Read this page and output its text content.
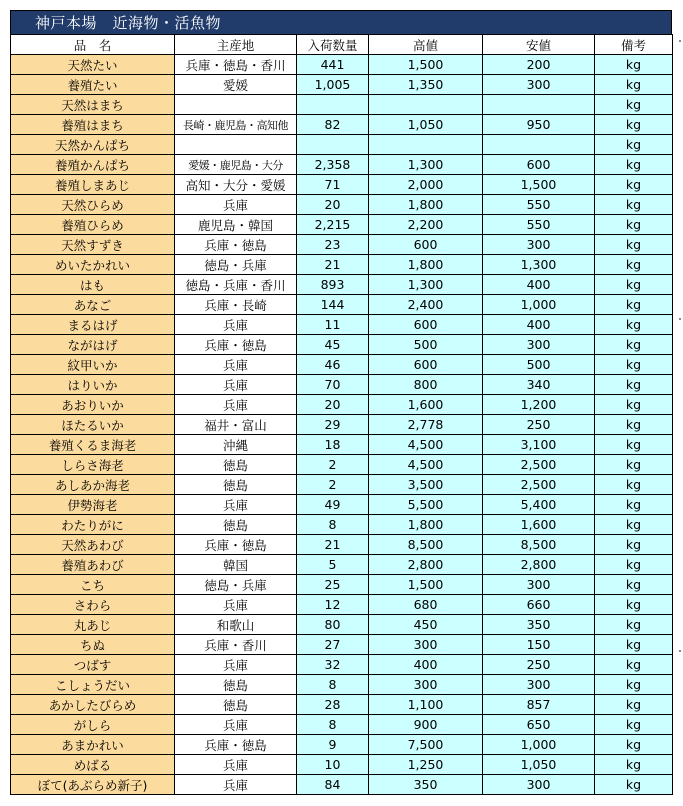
神戸本場　近海物・活魚物
品　名	主産地	入荷数量	高値	安値	備考
天然たい	兵庫・徳島・香川	441	1,500	200	kg
養殖たい	愛媛	1,005	1,350	300	kg
天然はまち					kg
養殖はまち	長崎・鹿児島・高知他	82	1,050	950	kg
天然かんぱち					kg
養殖かんぱち	愛媛・鹿児島・大分	2,358	1,300	600	kg
養殖しまあじ	高知・大分・愛媛	71	2,000	1,500	kg
天然ひらめ	兵庫	20	1,800	550	kg
養殖ひらめ	鹿児島・韓国	2,215	2,200	550	kg
天然すずき	兵庫・徳島	23	600	300	kg
めいたかれい	徳島・兵庫	21	1,800	1,300	kg
はも	徳島・兵庫・香川	893	1,300	400	kg
あなご	兵庫・長崎	144	2,400	1,000	kg
まるはげ	兵庫	11	600	400	kg
ながはげ	兵庫・徳島	45	500	300	kg
紋甲いか	兵庫	46	600	500	kg
はりいか	兵庫	70	800	340	kg
あおりいか	兵庫	20	1,600	1,200	kg
ほたるいか	福井・富山	29	2,778	250	kg
養殖くるま海老	沖縄	18	4,500	3,100	kg
しらさ海老	徳島	2	4,500	2,500	kg
あしあか海老	徳島	2	3,500	2,500	kg
伊勢海老	兵庫	49	5,500	5,400	kg
わたりがに	徳島	8	1,800	1,600	kg
天然あわび	兵庫・徳島	21	8,500	8,500	kg
養殖あわび	韓国	5	2,800	2,800	kg
こち	徳島・兵庫	25	1,500	300	kg
さわら	兵庫	12	680	660	kg
丸あじ	和歌山	80	450	350	kg
ちぬ	兵庫・香川	27	300	150	kg
つばす	兵庫	32	400	250	kg
こしょうだい	徳島	8	300	300	kg
あかしたびらめ	徳島	28	1,100	857	kg
がしら	兵庫	8	900	650	kg
あまかれい	兵庫・徳島	9	7,500	1,000	kg
めばる	兵庫	10	1,250	1,050	kg
ぼて(あぶらめ新子)	兵庫	84	350	300	kg
